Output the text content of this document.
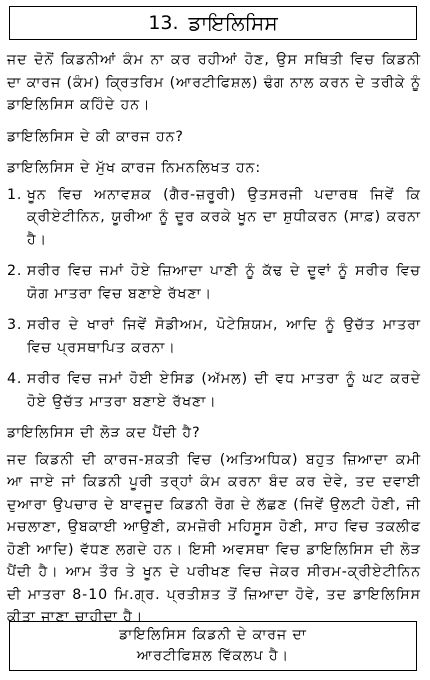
13. ਡਾਇਲਿਸਿਸ

ਜਦ ਦੋਨੋਂ ਕਿਡਨੀਆਂ ਕੰਮ ਨਾ ਕਰ ਰਹੀਆਂ ਹੋਣ, ਉਸ ਸਥਿਤੀ ਵਿਚ ਕਿਡਨੀ ਦਾ ਕਾਰਜ (ਕੰਮ) ਕ੍ਰਿਤਰਿਮ (ਆਰਟੀਫਿਸ਼ਲ) ਢੰਗ ਨਾਲ ਕਰਨ ਦੇ ਤਰੀਕੇ ਨੂੰ ਡਾਇਲਿਸਿਸ ਕਹਿੰਦੇ ਹਨ।

ਡਾਇਲਿਸਿਸ ਦੇ ਕੀ ਕਾਰਜ ਹਨ?

ਡਾਇਲਿਸਿਸ ਦੇ ਮੁੱਖ ਕਾਰਜ ਨਿਮਨਲਿਖਤ ਹਨ:

1. ਖੂਨ ਵਿਚ ਅਨਾਵਸ਼ਕ (ਗੈਰ-ਜ਼ਰੂਰੀ) ਉਤਸਰਜੀ ਪਦਾਰਥ ਜਿਵੇਂ ਕਿ ਕ੍ਰੀਏਟੀਨਿਨ, ਯੂਰੀਆ ਨੂੰ ਦੂਰ ਕਰਕੇ ਖੂਨ ਦਾ ਸ਼ੁਧੀਕਰਨ (ਸਾਫ਼) ਕਰਨਾ ਹੈ।
2. ਸਰੀਰ ਵਿਚ ਜਮਾਂ ਹੋਏ ਜ਼ਿਆਦਾ ਪਾਣੀ ਨੂੰ ਕੱਢ ਦੇ ਦੂਵਾਂ ਨੂੰ ਸਰੀਰ ਵਿਚ ਯੋਗ ਮਾਤਰਾ ਵਿਚ ਬਣਾਏ ਰੱਖਣਾ।
3. ਸਰੀਰ ਦੇ ਖਾਰਾਂ ਜਿਵੇਂ ਸੋਡੀਅਮ, ਪੋਟੇਸ਼ਿਯਮ, ਆਦਿ ਨੂੰ ਉਚੱਤ ਮਾਤਰਾ ਵਿਚ ਪ੍ਰਸਥਾਪਿਤ ਕਰਨਾ।
4. ਸਰੀਰ ਵਿਚ ਜਮਾਂ ਹੋਈ ਏਸਿਡ (ਅੱਮਲ) ਦੀ ਵਧ ਮਾਤਰਾ ਨੂੰ ਘਟ ਕਰਦੇ ਹੋਏ ਉਚੱਤ ਮਾਤਰਾ ਬਣਾਏ ਰੱਖਣਾ।

ਡਾਇਲਿਸਿਸ ਦੀ ਲੋੜ ਕਦ ਪੈਂਦੀ ਹੈ?

ਜਦ ਕਿਡਨੀ ਦੀ ਕਾਰਜ-ਸ਼ਕਤੀ ਵਿਚ (ਅਤਿਅਧਿਕ) ਬਹੁਤ ਜ਼ਿਆਦਾ ਕਮੀ ਆ ਜਾਏ ਜਾਂ ਕਿਡਨੀ ਪੂਰੀ ਤਰ੍ਹਾਂ ਕੰਮ ਕਰਨਾ ਬੰਦ ਕਰ ਦੇਵੇ, ਤਦ ਦਵਾਈ ਦੁਆਰਾ ਉਪਚਾਰ ਦੇ ਬਾਵਜੂਦ ਕਿਡਨੀ ਰੋਗ ਦੇ ਲੱਛਣ (ਜਿਵੇਂ ਉਲਟੀ ਹੋਣੀ, ਜੀ ਮਚਲਾਣਾ, ਉਬਕਾਈ ਆਉਣੀ, ਕਮਜ਼ੋਰੀ ਮਹਿਸੂਸ ਹੋਣੀ, ਸਾਹ ਵਿਚ ਤਕਲੀਫ ਹੋਣੀ ਆਦਿ) ਵੱਧਣ ਲਗਦੇ ਹਨ। ਇਸੀ ਅਵਸਥਾ ਵਿਚ ਡਾਇਲਿਸਿਸ ਦੀ ਲੋੜ ਪੈਂਦੀ ਹੈ। ਆਮ ਤੌਰ ਤੇ ਖੂਨ ਦੇ ਪਰੀਖਣ ਵਿਚ ਜੇਕਰ ਸੀਰਮ-ਕ੍ਰੀਏਟੀਨਿਨ ਦੀ ਮਾਤਰਾ 8-10 ਮਿ.ਗ੍ਰ. ਪ੍ਰਤੀਸ਼ਤ ਤੋਂ ਜ਼ਿਆਦਾ ਹੋਵੇ, ਤਦ ਡਾਇਲਿਸਿਸ ਕੀਤਾ ਜਾਣਾ ਚਾਹੀਦਾ ਹੈ।

ਡਾਇਲਿਸਿਸ ਕਿਡਨੀ ਦੇ ਕਾਰਜ ਦਾ
ਆਰਟੀਫਿਸ਼ਲ ਵਿੱਕਲਪ ਹੈ।
